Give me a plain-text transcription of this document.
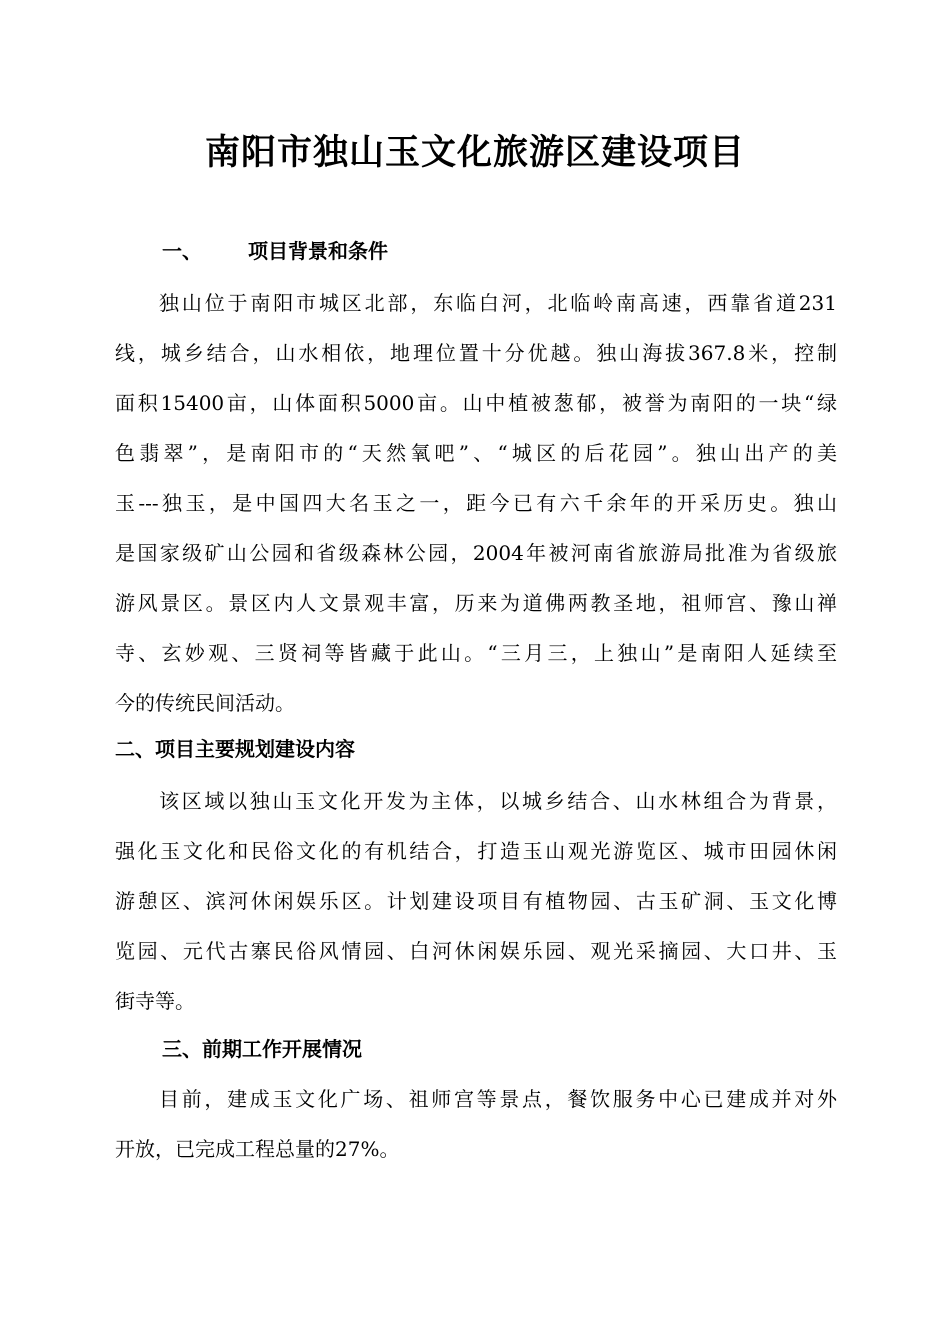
南阳市独山玉文化旅游区建设项目
一、 项目背景和条件
独山位于南阳市城区北部，东临白河，北临岭南高速，西靠省道231
线，城乡结合，山水相依，地理位置十分优越。独山海拔367.8米，控制
面积15400亩，山体面积5000亩。山中植被葱郁，被誉为南阳的一块“绿
色翡翠”，是南阳市的“天然氧吧”、“城区的后花园”。独山出产的美
玉---独玉，是中国四大名玉之一，距今已有六千余年的开采历史。独山
是国家级矿山公园和省级森林公园，2004年被河南省旅游局批准为省级旅
游风景区。景区内人文景观丰富，历来为道佛两教圣地，祖师宫、豫山禅
寺、玄妙观、三贤祠等皆藏于此山。“三月三，上独山”是南阳人延续至
今的传统民间活动。
二、项目主要规划建设内容
该区域以独山玉文化开发为主体，以城乡结合、山水林组合为背景，
强化玉文化和民俗文化的有机结合，打造玉山观光游览区、城市田园休闲
游憩区、滨河休闲娱乐区。计划建设项目有植物园、古玉矿洞、玉文化博
览园、元代古寨民俗风情园、白河休闲娱乐园、观光采摘园、大口井、玉
街寺等。
三、前期工作开展情况
目前，建成玉文化广场、祖师宫等景点，餐饮服务中心已建成并对外
开放，已完成工程总量的27%。
